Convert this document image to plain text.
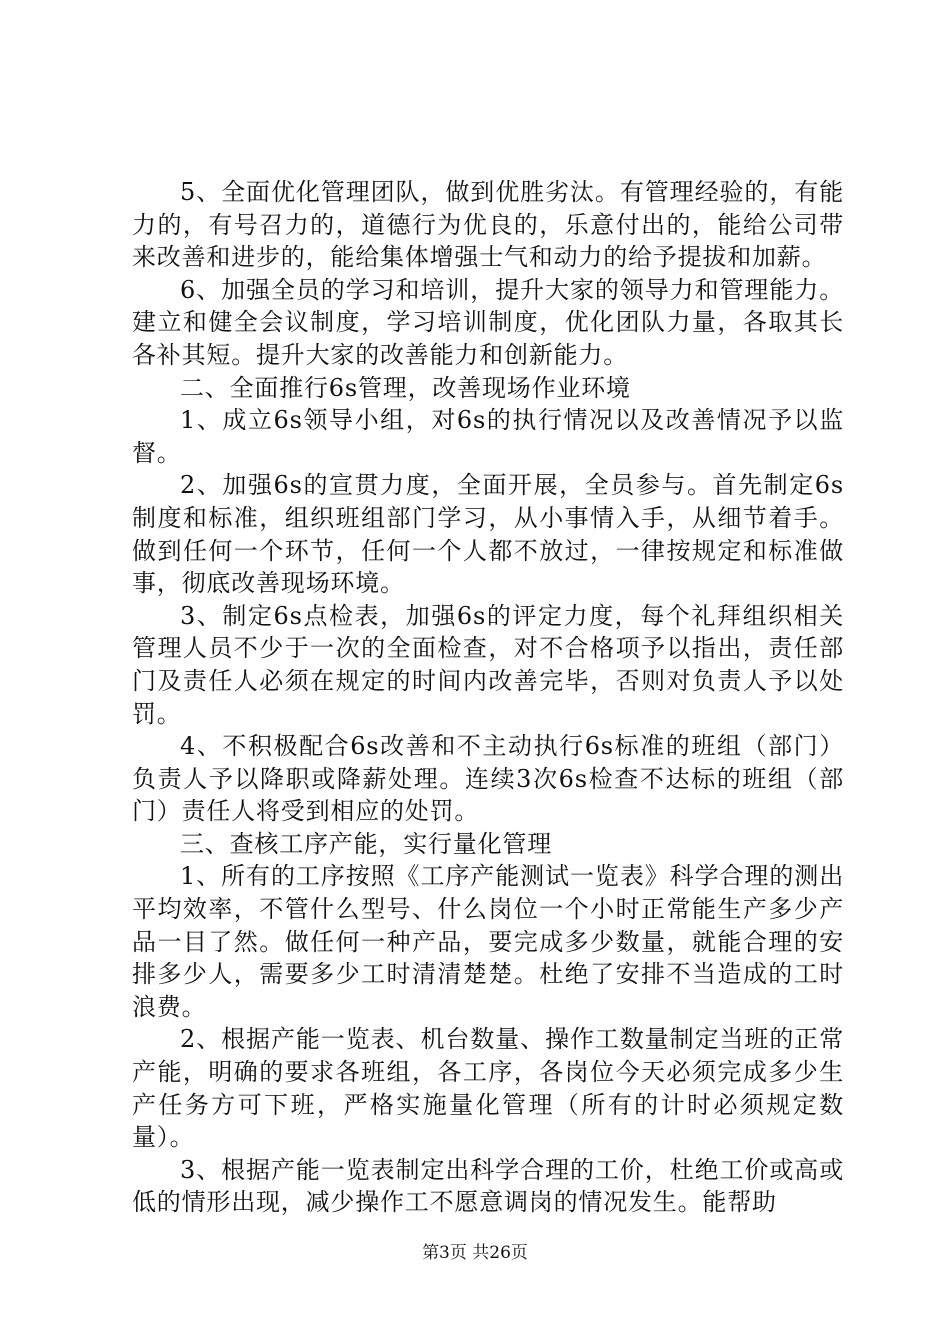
5、全面优化管理团队，做到优胜劣汰。有管理经验的，有能力的，有号召力的，道德行为优良的，乐意付出的，能给公司带来改善和进步的，能给集体增强士气和动力的给予提拔和加薪。

6、加强全员的学习和培训，提升大家的领导力和管理能力。建立和健全会议制度，学习培训制度，优化团队力量，各取其长各补其短。提升大家的改善能力和创新能力。

二、全面推行6s管理，改善现场作业环境

1、成立6s领导小组，对6s的执行情况以及改善情况予以监督。

2、加强6s的宣贯力度，全面开展，全员参与。首先制定6s制度和标准，组织班组部门学习，从小事情入手，从细节着手。做到任何一个环节，任何一个人都不放过，一律按规定和标准做事，彻底改善现场环境。

3、制定6s点检表，加强6s的评定力度，每个礼拜组织相关管理人员不少于一次的全面检查，对不合格项予以指出，责任部门及责任人必须在规定的时间内改善完毕，否则对负责人予以处罚。

4、不积极配合6s改善和不主动执行6s标准的班组（部门）负责人予以降职或降薪处理。连续3次6s检查不达标的班组（部门）责任人将受到相应的处罚。

三、查核工序产能，实行量化管理

1、所有的工序按照《工序产能测试一览表》科学合理的测出平均效率，不管什么型号、什么岗位一个小时正常能生产多少产品一目了然。做任何一种产品，要完成多少数量，就能合理的安排多少人，需要多少工时清清楚楚。杜绝了安排不当造成的工时浪费。

2、根据产能一览表、机台数量、操作工数量制定当班的正常产能，明确的要求各班组，各工序，各岗位今天必须完成多少生产任务方可下班，严格实施量化管理（所有的计时必须规定数量）。

3、根据产能一览表制定出科学合理的工价，杜绝工价或高或低的情形出现，减少操作工不愿意调岗的情况发生。能帮助

第3页 共26页
